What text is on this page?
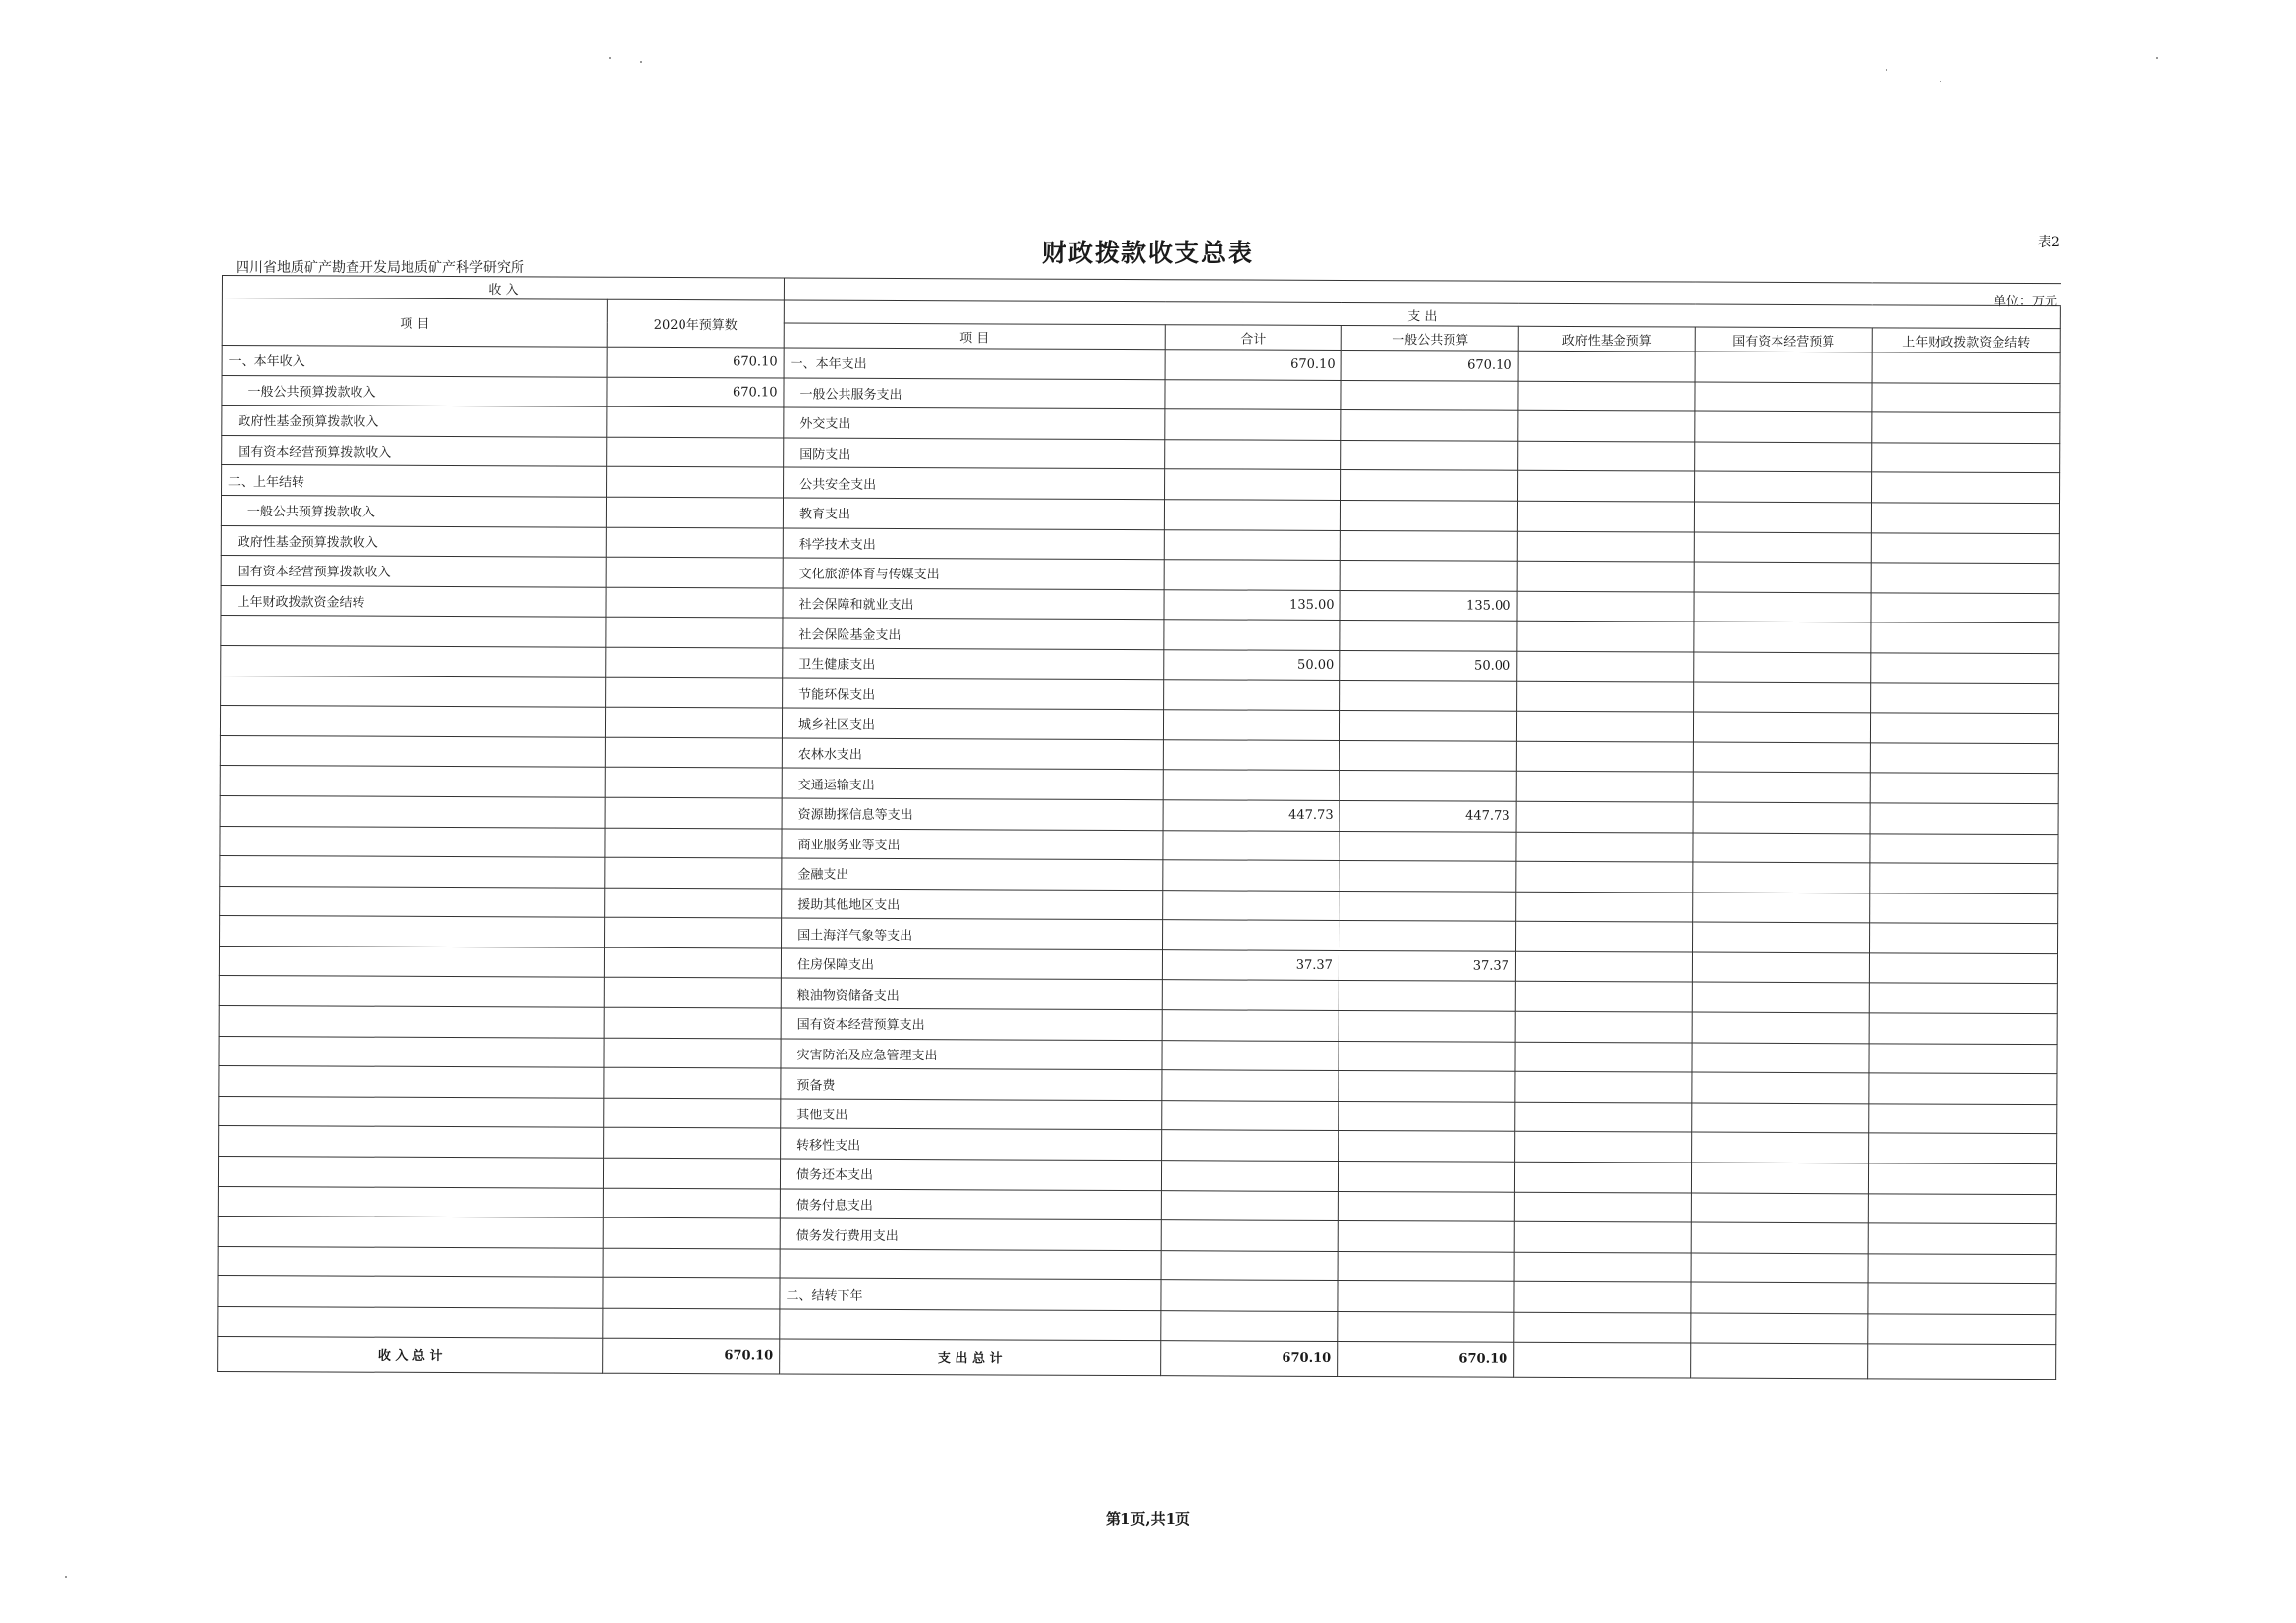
表2
财政拨款收支总表
四川省地质矿产勘查开发局地质矿产科学研究所
单位：万元
收 入							
项 目	2020年预算数	支 出					
		项 目	合计	一般公共预算	政府性基金预算	国有资本经营预算	上年财政拨款资金结转
一、本年收入	670.10	一、本年支出	670.10	670.10			
一般公共预算拨款收入	670.10	一般公共服务支出					
政府性基金预算拨款收入		外交支出					
国有资本经营预算拨款收入		国防支出					
二、上年结转		公共安全支出					
一般公共预算拨款收入		教育支出					
政府性基金预算拨款收入		科学技术支出					
国有资本经营预算拨款收入		文化旅游体育与传媒支出					
上年财政拨款资金结转		社会保障和就业支出	135.00	135.00			
		社会保险基金支出					
		卫生健康支出	50.00	50.00			
		节能环保支出					
		城乡社区支出					
		农林水支出					
		交通运输支出					
		资源勘探信息等支出	447.73	447.73			
		商业服务业等支出					
		金融支出					
		援助其他地区支出					
		国土海洋气象等支出					
		住房保障支出	37.37	37.37			
		粮油物资储备支出					
		国有资本经营预算支出					
		灾害防治及应急管理支出					
		预备费					
		其他支出					
		转移性支出					
		债务还本支出					
		债务付息支出					
		债务发行费用支出					

		二、结转下年					

收 入 总 计	670.10	支 出 总 计	670.10	670.10			
第1页,共1页
